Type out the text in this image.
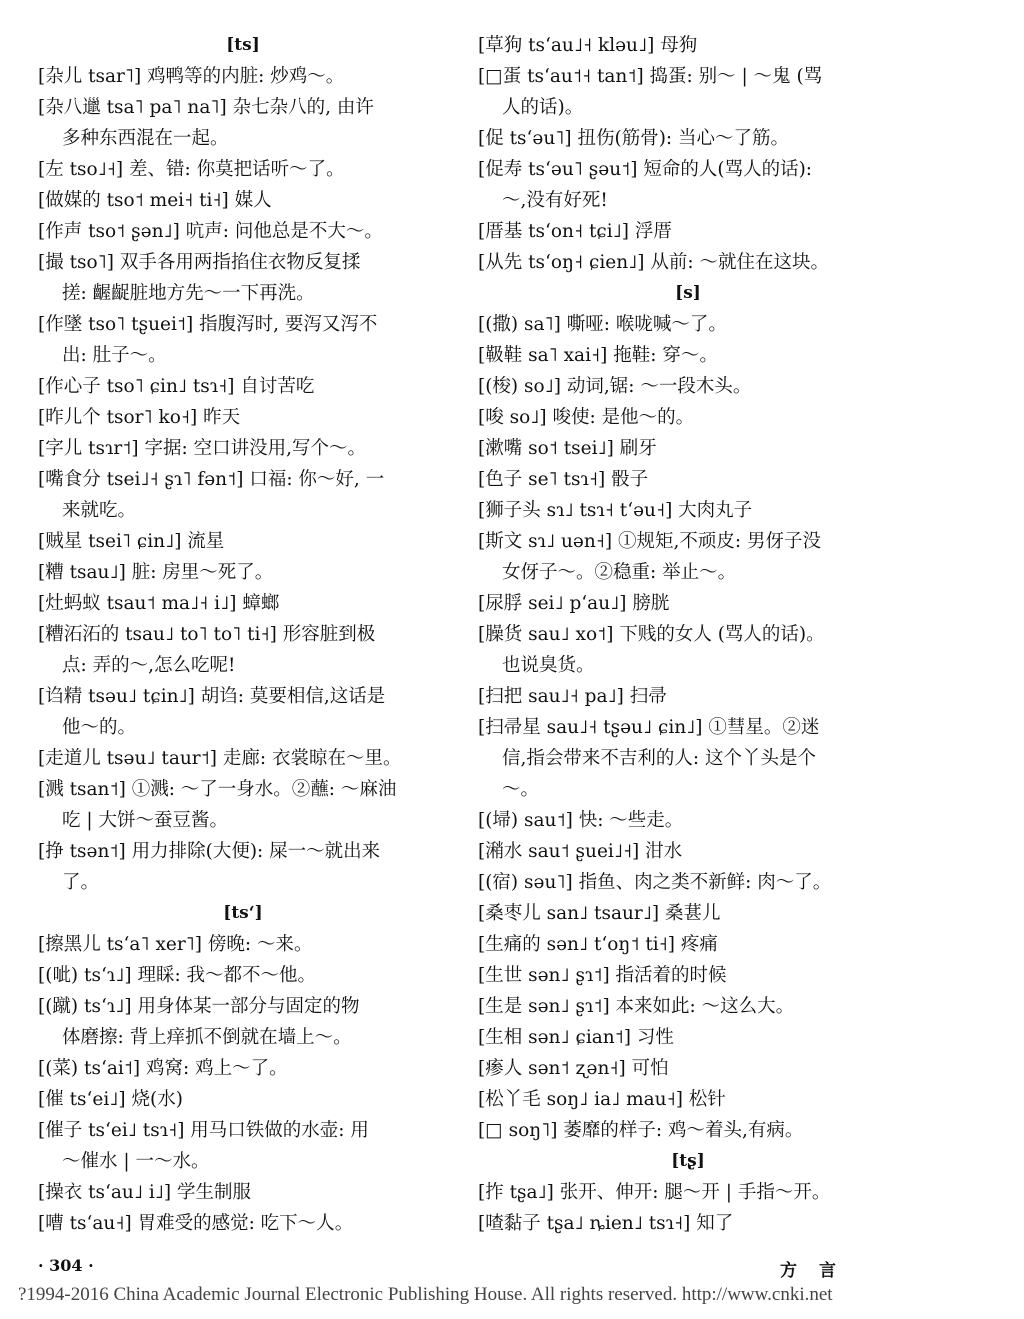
[ts]
[杂儿 tsar˥] 鸡鸭等的内脏: 炒鸡～。
[杂八邋 tsa˥ pa˥ na˥] 杂七杂八的, 由许
多种东西混在一起。
[左 tso˩˧] 差、错: 你莫把话听～了。
[做媒的 tso˦ mei˧ ti˧] 媒人
[作声 tso˦ ʂən˩] 吭声: 问他总是不大～。
[撮 tso˥] 双手各用两指掐住衣物反复揉
搓: 齷齪脏地方先～一下再洗。
[作墜 tso˥ tʂuei˦] 指腹泻时, 要泻又泻不
出: 肚子～。
[作心子 tso˥ ɕin˩ tsɿ˧] 自讨苦吃
[昨儿个 tsor˥ ko˧] 昨天
[字儿 tsɿr˦] 字据: 空口讲没用,写个～。
[嘴食分 tsei˩˧ ʂɿ˥ fən˦] 口福: 你～好, 一
来就吃。
[贼星 tsei˥ ɕin˩] 流星
[糟 tsau˩] 脏: 房里～死了。
[灶蚂蚁 tsau˦ ma˩˧ i˩] 蟑螂
[糟沰沰的 tsau˩ to˥ to˥ ti˧] 形容脏到极
点: 弄的～,怎么吃呢!
[诌精 tsəu˩ tɕin˩] 胡诌: 莫要相信,这话是
他～的。
[走道儿 tsəu˩ taur˦] 走廊: 衣裳晾在～里。
[溅 tsan˦] ①溅: ～了一身水。②蘸: ～麻油
吃 | 大饼～蚕豆酱。
[挣 tsən˦] 用力排除(大便): 屎一～就出来
了。
[ts‘]
[擦黑儿 ts‘a˥ xer˥] 傍晚: ～来。
[(呲) ts‘ɿ˩] 理睬: 我～都不～他。
[(蹴) ts‘ɿ˩] 用身体某一部分与固定的物
体磨擦: 背上痒抓不倒就在墙上～。
[(菜) ts‘ai˦] 鸡窝: 鸡上～了。
[催 ts‘ei˩] 烧(水)
[催子 ts‘ei˩ tsɿ˧] 用马口铁做的水壶: 用
～催水 | 一～水。
[操衣 ts‘au˩ i˩] 学生制服
[嘈 ts‘au˧] 胃难受的感觉: 吃下～人。
[草狗 ts‘au˩˧ kləu˩] 母狗
[□蛋 ts‘au˦˧ tan˦] 捣蛋: 别～ | ～鬼 (骂
人的话)。
[促 ts‘əu˥] 扭伤(筋骨): 当心～了筋。
[促寿 ts‘əu˥ ʂəu˦] 短命的人(骂人的话):
～,没有好死!
[厝基 ts‘on˧ tɕi˩] 浮厝
[从先 ts‘oŋ˧ ɕien˩] 从前: ～就住在这块。
[s]
[(撒) sa˥] 嘶哑: 喉咙喊～了。
[靸鞋 sa˥ xai˧] 拖鞋: 穿～。
[(梭) so˩] 动词,锯: ～一段木头。
[唆 so˩] 唆使: 是他～的。
[漱嘴 so˦ tsei˩] 刷牙
[色子 se˥ tsɿ˧] 骰子
[狮子头 sɿ˩ tsɿ˧ t‘əu˧] 大肉丸子
[斯文 sɿ˩ uən˧] ①规矩,不顽皮: 男伢子没
女伢子～。②稳重: 举止～。
[尿脬 sei˩ p‘au˩] 膀胱
[臊货 sau˩ xo˦] 下贱的女人 (骂人的话)。
也说臭货。
[扫把 sau˩˧ pa˩] 扫帚
[扫帚星 sau˩˧ tʂəu˩ ɕin˩] ①彗星。②迷
信,指会带来不吉利的人: 这个丫头是个
～。
[(埽) sau˦] 快: ～些走。
[潲水 sau˦ ʂuei˩˧] 泔水
[(宿) səu˥] 指鱼、肉之类不新鲜: 肉～了。
[桑枣儿 san˩ tsaur˩] 桑葚儿
[生痛的 sən˩ t‘oŋ˦ ti˧] 疼痛
[生世 sən˩ ʂɿ˦] 指活着的时候
[生是 sən˩ ʂɿ˦] 本来如此: ～这么大。
[生相 sən˩ ɕian˦] 习性
[瘆人 sən˦ ʐən˧] 可怕
[松丫毛 soŋ˩ ia˩ mau˧] 松针
[□ soŋ˥] 萎靡的样子: 鸡～着头,有病。
[tʂ]
[拃 tʂa˩] 张开、伸开: 腿～开 | 手指～开。
[喳黏子 tʂa˩ ȵien˩ tsɿ˧] 知了
· 304 ·	方言
?1994-2016 China Academic Journal Electronic Publishing House. All rights reserved. http://www.cnki.net
